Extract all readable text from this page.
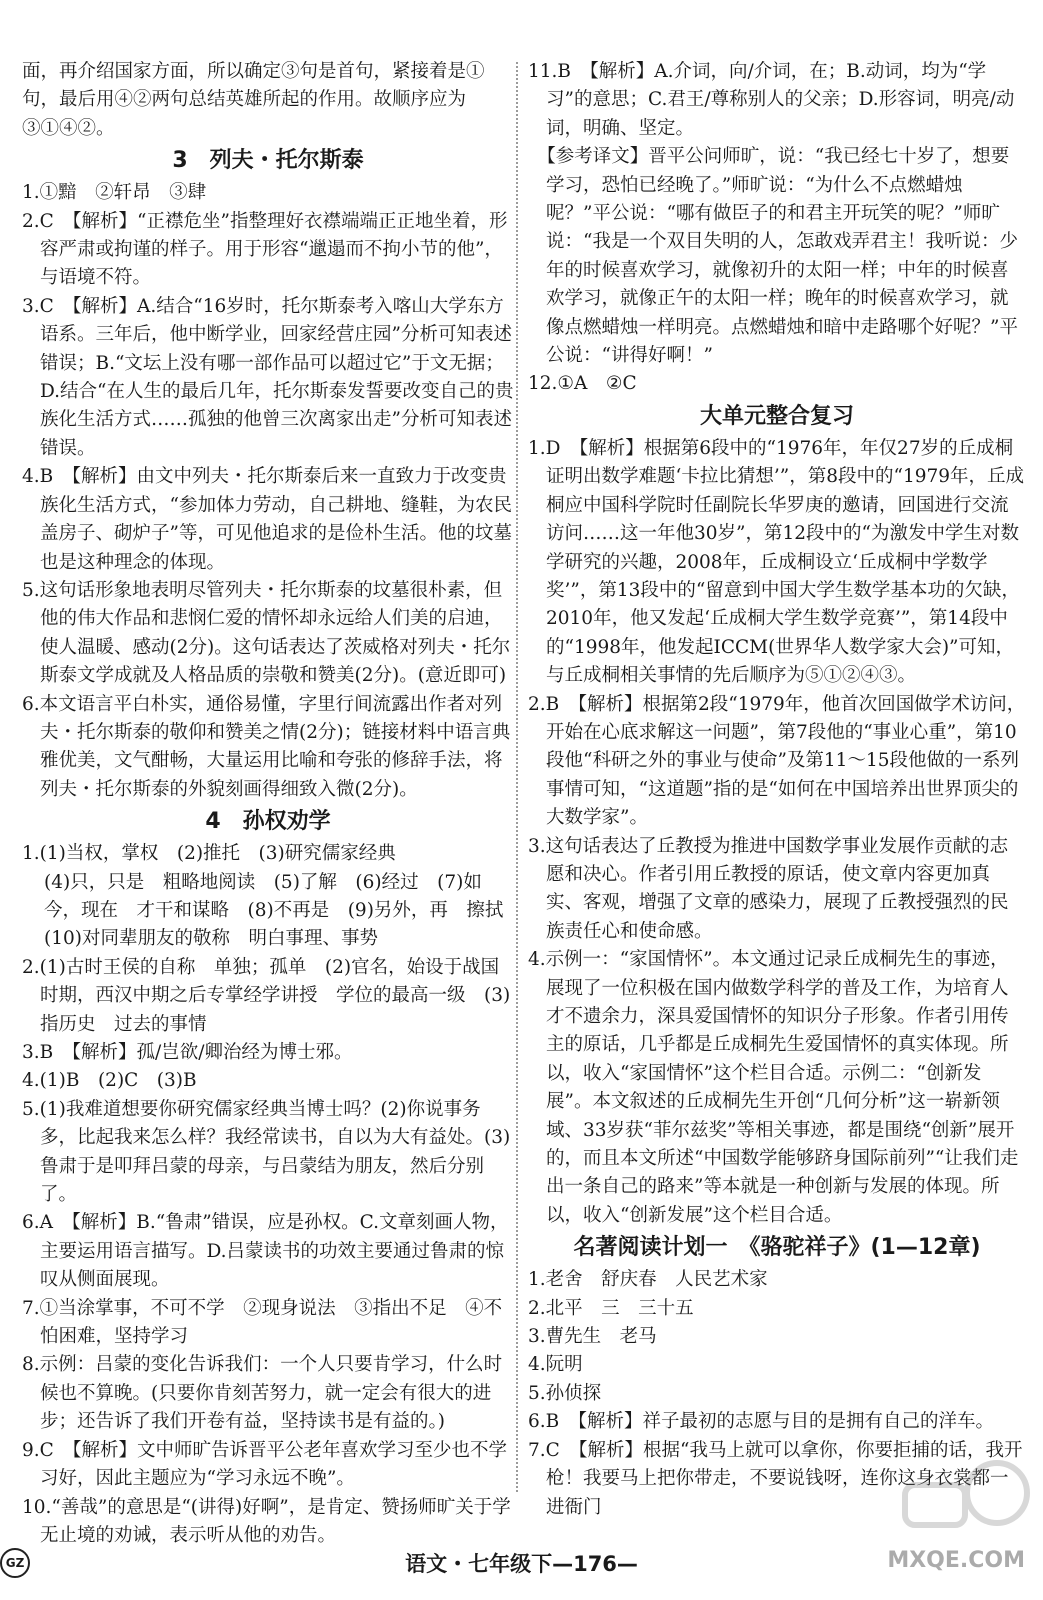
面，再介绍国家方面，所以确定③句是首句，紧接着是①句，最后用④②两句总结英雄所起的作用。故顺序应为③①④②。

3　列夫・托尔斯泰

1.①黯　②轩昂　③肆

2.C　【解析】“正襟危坐”指整理好衣襟端端正正地坐着，形容严肃或拘谨的样子。用于形容“邋遢而不拘小节的他”，与语境不符。

3.C　【解析】A.结合“16岁时，托尔斯泰考入喀山大学东方语系。三年后，他中断学业，回家经营庄园”分析可知表述错误；B.“文坛上没有哪一部作品可以超过它”于文无据；D.结合“在人生的最后几年，托尔斯泰发誓要改变自己的贵族化生活方式……孤独的他曾三次离家出走”分析可知表述错误。

4.B　【解析】由文中列夫・托尔斯泰后来一直致力于改变贵族化生活方式，“参加体力劳动，自己耕地、缝鞋，为农民盖房子、砌炉子”等，可见他追求的是俭朴生活。他的坟墓也是这种理念的体现。

5.这句话形象地表明尽管列夫・托尔斯泰的坟墓很朴素，但他的伟大作品和悲悯仁爱的情怀却永远给人们美的启迪，使人温暖、感动(2分)。这句话表达了茨威格对列夫・托尔斯泰文学成就及人格品质的崇敬和赞美(2分)。(意近即可)

6.本文语言平白朴实，通俗易懂，字里行间流露出作者对列夫・托尔斯泰的敬仰和赞美之情(2分)；链接材料中语言典雅优美，文气酣畅，大量运用比喻和夸张的修辞手法，将列夫・托尔斯泰的外貌刻画得细致入微(2分)。

4　孙权劝学

1.(1)当权，掌权　(2)推托　(3)研究儒家经典

(4)只，只是　粗略地阅读　(5)了解　(6)经过　(7)如今，现在　才干和谋略　(8)不再是　(9)另外，再　擦拭

(10)对同辈朋友的敬称　明白事理、事势

2.(1)古时王侯的自称　单独；孤单　(2)官名，始设于战国时期，西汉中期之后专掌经学讲授　学位的最高一级　(3)指历史　过去的事情

3.B　【解析】孤/岂欲/卿治经为博士邪。

4.(1)B　(2)C　(3)B

5.(1)我难道想要你研究儒家经典当博士吗？(2)你说事务多，比起我来怎么样？我经常读书，自以为大有益处。(3)鲁肃于是叩拜吕蒙的母亲，与吕蒙结为朋友，然后分别了。

6.A　【解析】B.“鲁肃”错误，应是孙权。C.文章刻画人物，主要运用语言描写。D.吕蒙读书的功效主要通过鲁肃的惊叹从侧面展现。

7.①当涂掌事，不可不学　②现身说法　③指出不足　④不怕困难，坚持学习

8.示例：吕蒙的变化告诉我们：一个人只要肯学习，什么时候也不算晚。(只要你肯刻苦努力，就一定会有很大的进步；还告诉了我们开卷有益，坚持读书是有益的。)

9.C　【解析】文中师旷告诉晋平公老年喜欢学习至少也不学习好，因此主题应为“学习永远不晚”。

10.“善哉”的意思是“(讲得)好啊”，是肯定、赞扬师旷关于学无止境的劝诫，表示听从他的劝告。

11.B　【解析】A.介词，向/介词，在；B.动词，均为“学习”的意思；C.君王/尊称别人的父亲；D.形容词，明亮/动词，明确、坚定。

　【参考译文】晋平公问师旷，说：“我已经七十岁了，想要学习，恐怕已经晚了。”师旷说：“为什么不点燃蜡烛呢？”平公说：“哪有做臣子的和君主开玩笑的呢？”师旷说：“我是一个双目失明的人，怎敢戏弄君主！我听说：少年的时候喜欢学习，就像初升的太阳一样；中年的时候喜欢学习，就像正午的太阳一样；晚年的时候喜欢学习，就像点燃蜡烛一样明亮。点燃蜡烛和暗中走路哪个好呢？”平公说：“讲得好啊！”

12.①A　②C

大单元整合复习

1.D　【解析】根据第6段中的“1976年，年仅27岁的丘成桐证明出数学难题‘卡拉比猜想’”，第8段中的“1979年，丘成桐应中国科学院时任副院长华罗庚的邀请，回国进行交流访问……这一年他30岁”，第12段中的“为激发中学生对数学研究的兴趣，2008年，丘成桐设立‘丘成桐中学数学奖’”，第13段中的“留意到中国大学生数学基本功的欠缺，2010年，他又发起‘丘成桐大学生数学竞赛’”，第14段中的“1998年，他发起ICCM(世界华人数学家大会)”可知，与丘成桐相关事情的先后顺序为⑤①②④③。

2.B　【解析】根据第2段“1979年，他首次回国做学术访问，开始在心底求解这一问题”，第7段他的“事业心重”，第10段他“科研之外的事业与使命”及第11～15段他做的一系列事情可知，“这道题”指的是“如何在中国培养出世界顶尖的大数学家”。

3.这句话表达了丘教授为推进中国数学事业发展作贡献的志愿和决心。作者引用丘教授的原话，使文章内容更加真实、客观，增强了文章的感染力，展现了丘教授强烈的民族责任心和使命感。

4.示例一：“家国情怀”。本文通过记录丘成桐先生的事迹，展现了一位积极在国内做数学科学的普及工作，为培育人才不遗余力，深具爱国情怀的知识分子形象。作者引用传主的原话，几乎都是丘成桐先生爱国情怀的真实体现。所以，收入“家国情怀”这个栏目合适。示例二：“创新发展”。本文叙述的丘成桐先生开创“几何分析”这一崭新领域、33岁获“菲尔兹奖”等相关事迹，都是围绕“创新”展开的，而且本文所述“中国数学能够跻身国际前列”“让我们走出一条自己的路来”等本就是一种创新与发展的体现。所以，收入“创新发展”这个栏目合适。

名著阅读计划一　《骆驼祥子》(1—12章)

1.老舍　舒庆春　人民艺术家

2.北平　三　三十五

3.曹先生　老马

4.阮明

5.孙侦探

6.B　【解析】祥子最初的志愿与目的是拥有自己的洋车。

7.C　【解析】根据“我马上就可以拿你，你要拒捕的话，我开枪！我要马上把你带走，不要说钱呀，连你这身衣裳都一进衙门

GZ	语文・七年级下—176—	MXQE.COM
